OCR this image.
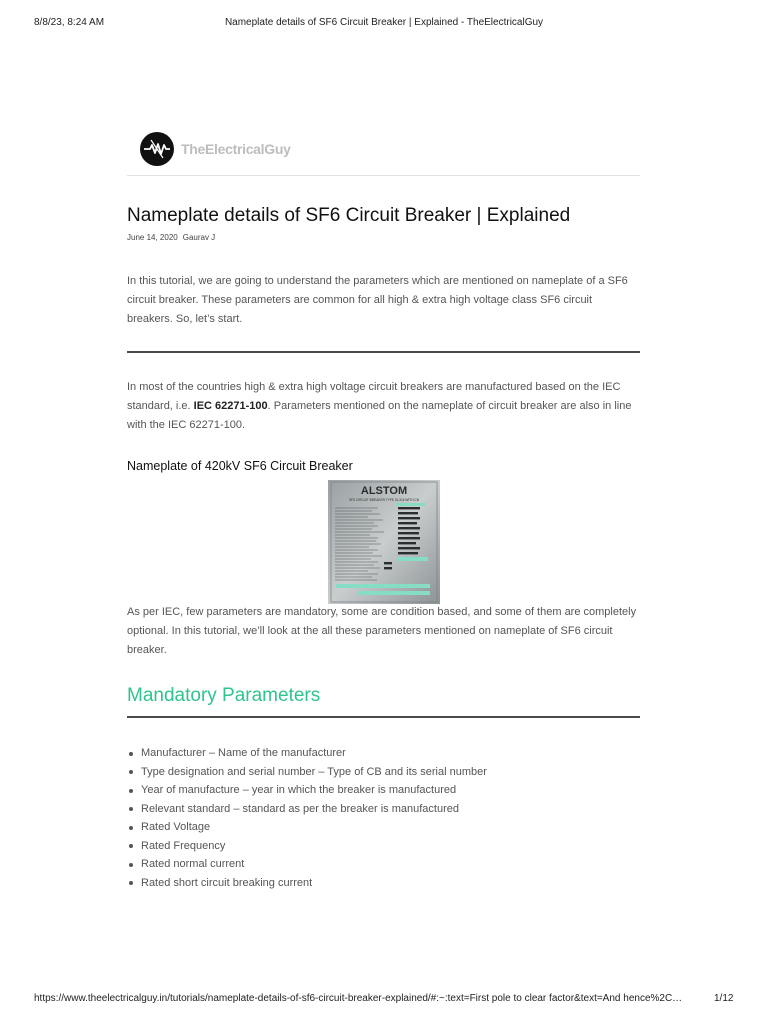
8/8/23, 8:24 AM	Nameplate details of SF6 Circuit Breaker | Explained - TheElectricalGuy
TheElectricalGuy
Nameplate details of SF6 Circuit Breaker | Explained
June 14, 2020 Gaurav J

In this tutorial, we are going to understand the parameters which are mentioned on nameplate of a SF6 circuit breaker. These parameters are common for all high & extra high voltage class SF6 circuit breakers. So, let’s start.

In most of the countries high & extra high voltage circuit breakers are manufactured based on the IEC standard, i.e. IEC 62271-100. Parameters mentioned on the nameplate of circuit breaker are also in line with the IEC 62271-100.

Nameplate of 420kV SF6 Circuit Breaker
ALSTOM
SF6 CIRCUIT BREAKER TYPE GL316 WITH CB

As per IEC, few parameters are mandatory, some are condition based, and some of them are completely optional. In this tutorial, we’ll look at the all these parameters mentioned on nameplate of SF6 circuit breaker.

Mandatory Parameters
Manufacturer – Name of the manufacturer
Type designation and serial number – Type of CB and its serial number
Year of manufacture – year in which the breaker is manufactured
Relevant standard – standard as per the breaker is manufactured
Rated Voltage
Rated Frequency
Rated normal current
Rated short circuit breaking current
https://www.theelectricalguy.in/tutorials/nameplate-details-of-sf6-circuit-breaker-explained/#:~:text=First pole to clear factor&text=And hence%2C…	1/12
